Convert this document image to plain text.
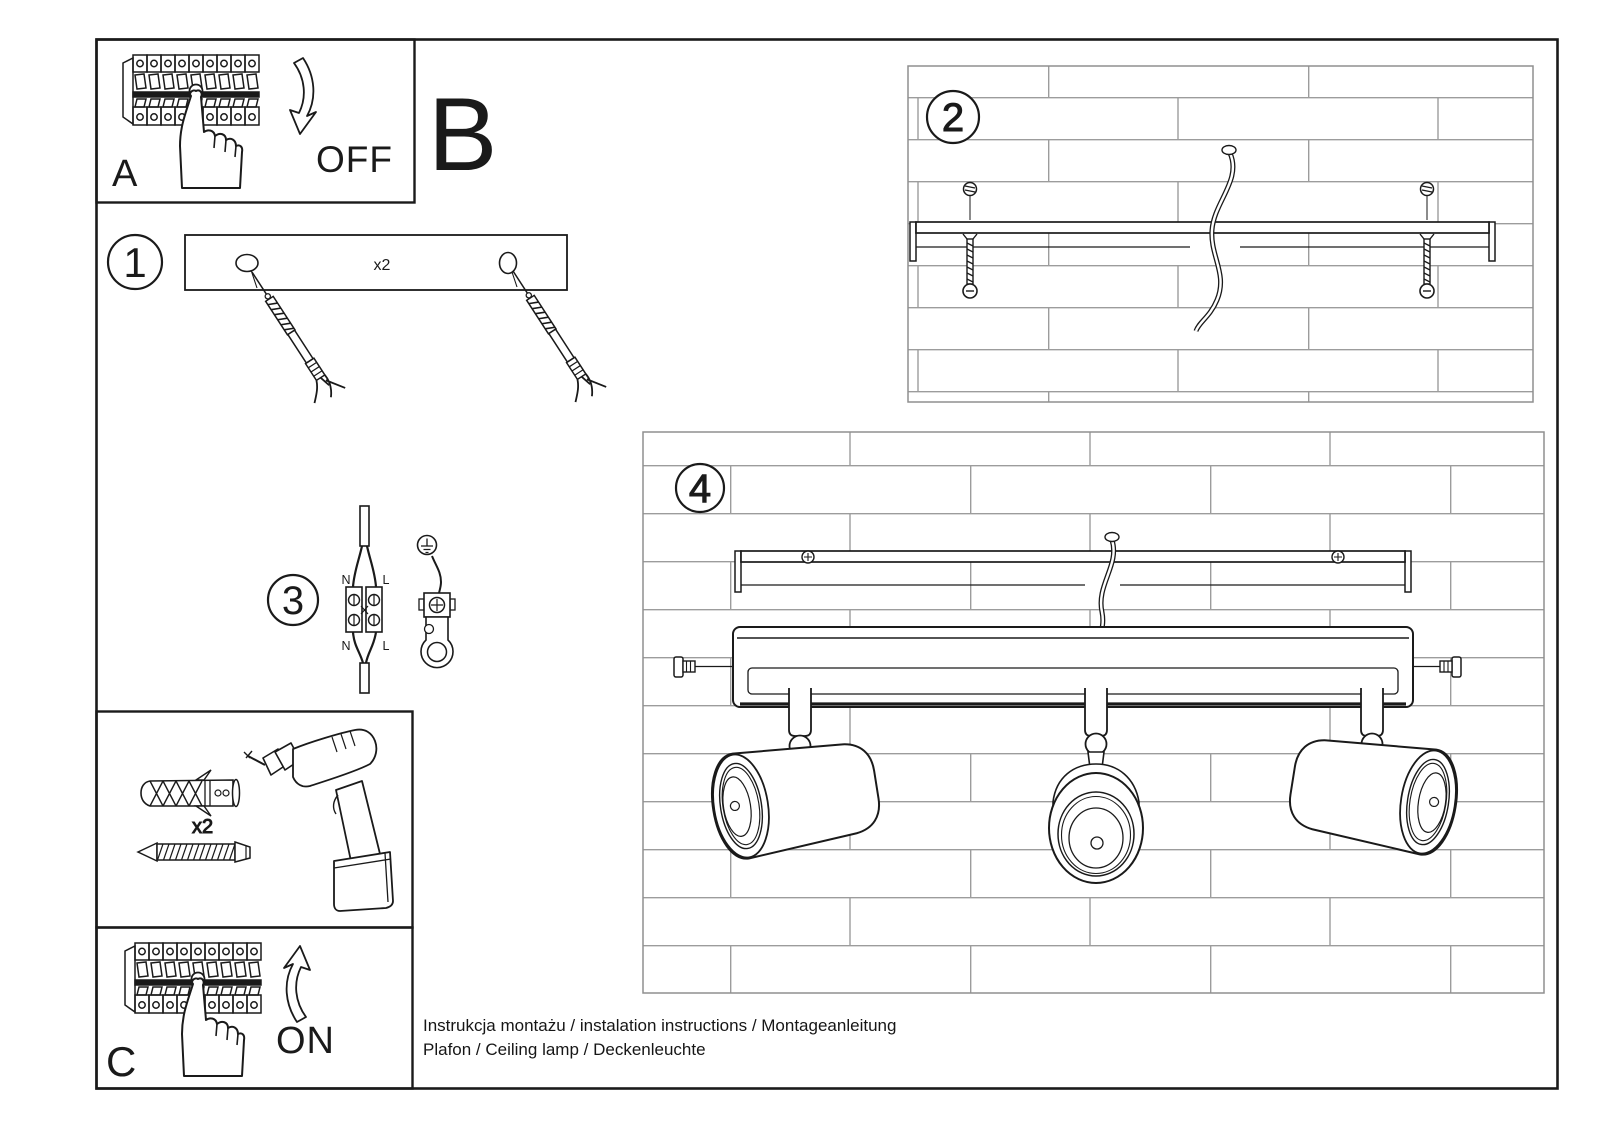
OFF
A	B
1	x2
3	N	L
N	L
2
4
x2
ON
C
Instrukcja montażu / instalation instructions / Montageanleitung
Plafon / Ceiling lamp / Deckenleuchte
